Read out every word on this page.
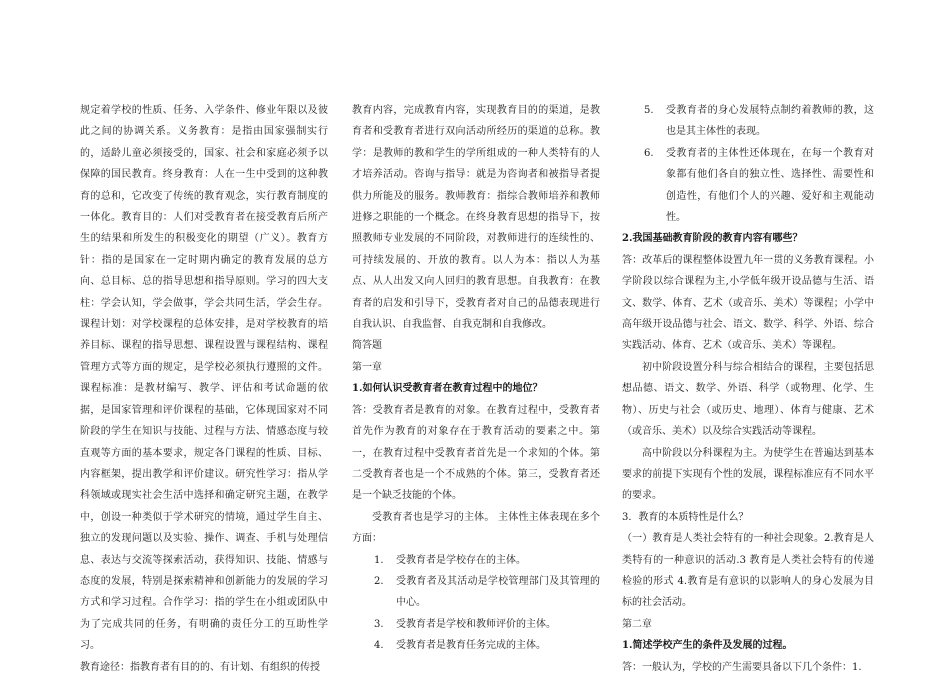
规定着学校的性质、任务、入学条件、修业年限以及彼此之间的协调关系。义务教育：是指由国家强制实行的，适龄儿童必须接受的，国家、社会和家庭必须予以保障的国民教育。终身教育：人在一生中受到的这种教育的总和，它改变了传统的教育观念，实行教育制度的一体化。教育目的：人们对受教育者在接受教育后所产生的结果和所发生的积极变化的期望（广义）。教育方针：指的是国家在一定时期内确定的教育发展的总方向、总目标、总的指导思想和指导原则。学习的四大支柱：学会认知，学会做事，学会共同生活，学会生存。课程计划：对学校课程的总体安排，是对学校教育的培养目标、课程的指导思想、课程设置与课程结构、课程管理方式等方面的规定，是学校必须执行遵照的文件。课程标准：是教材编写、教学、评估和考试命题的依据，是国家管理和评价课程的基础，它体现国家对不同阶段的学生在知识与技能、过程与方法、情感态度与较直观等方面的基本要求，规定各门课程的性质、目标、内容框架，提出教学和评价建议。研究性学习：指从学科领域或现实社会生活中选择和确定研究主题，在教学中，创设一种类似于学术研究的情境，通过学生自主、独立的发现问题以及实验、操作、调查、手机与处理信息、表达与交流等探索活动，获得知识、技能、情感与态度的发展，特别是探索精神和创新能力的发展的学习方式和学习过程。合作学习：指的学生在小组或团队中为了完成共同的任务，有明确的责任分工的互助性学习。

教育途径：指教育者有目的的、有计划、有组织的传授

教育内容，完成教育内容，实现教育目的的渠道，是教育者和受教育者进行双向活动所经历的渠道的总称。教学：是教师的教和学生的学所组成的一种人类特有的人才培养活动。咨询与指导：就是为咨询者和被指导者提供力所能及的服务。教师教育：指综合教师培养和教师进修之职能的一个概念。在终身教育思想的指导下，按照教师专业发展的不同阶段，对教师进行的连续性的、可持续发展的、开放的教育。以人为本：指以人为基点、从人出发又向人回归的教育思想。自我教育：在教育者的启发和引导下，受教育者对自己的品德表现进行自我认识、自我监督、自我克制和自我修改。

简答题

第一章

1.如何认识受教育者在教育过程中的地位？

答：受教育者是教育的对象。在教育过程中，受教育者首先作为教育的对象存在于教育活动的要素之中。第一，在教育过程中受教育者首先是一个求知的个体。第二受教育者也是一个不成熟的个体。第三，受教育者还是一个缺乏技能的个体。

受教育者也是学习的主体。 主体性主体表现在多个方面：

1. 受教育者是学校存在的主体。
2. 受教育者及其活动是学校管理部门及其管理的中心。
3. 受教育者是学校和教师评价的主体。
4. 受教育者是教育任务完成的主体。
5. 受教育者的身心发展特点制约着教师的教，这也是其主体性的表现。
6. 受教育者的主体性还体现在，在每一个教育对象都有他们各自的独立性、选择性、需要性和创造性，有他们个人的兴趣、爱好和主观能动性。

2.我国基础教育阶段的教育内容有哪些？

答：改革后的课程整体设置九年一贯的义务教育课程。小学阶段以综合课程为主,小学低年级开设品德与生活、语文、数学、体育、艺术（或音乐、美术）等课程；小学中高年级开设品德与社会、语文、数学、科学、外语、综合实践活动、体育、艺术（或音乐、美术）等课程。

初中阶段设置分科与综合相结合的课程，主要包括思想品德、语文、数学、外语、科学（或物理、化学、生物）、历史与社会（或历史、地理）、体育与健康、艺术（或音乐、美术）以及综合实践活动等课程。

高中阶段以分科课程为主。为使学生在普遍达到基本要求的前提下实现有个性的发展，课程标准应有不同水平的要求。

3．教育的本质特性是什么？

（一）教育是人类社会特有的一种社会现象。2.教育是人类特有的一种意识的活动.3 教育是人类社会特有的传递检验的形式 4.教育是有意识的以影响人的身心发展为目标的社会活动。

第二章

1.简述学校产生的条件及发展的过程。

答：一般认为，学校的产生需要具备以下几个条件：1.
